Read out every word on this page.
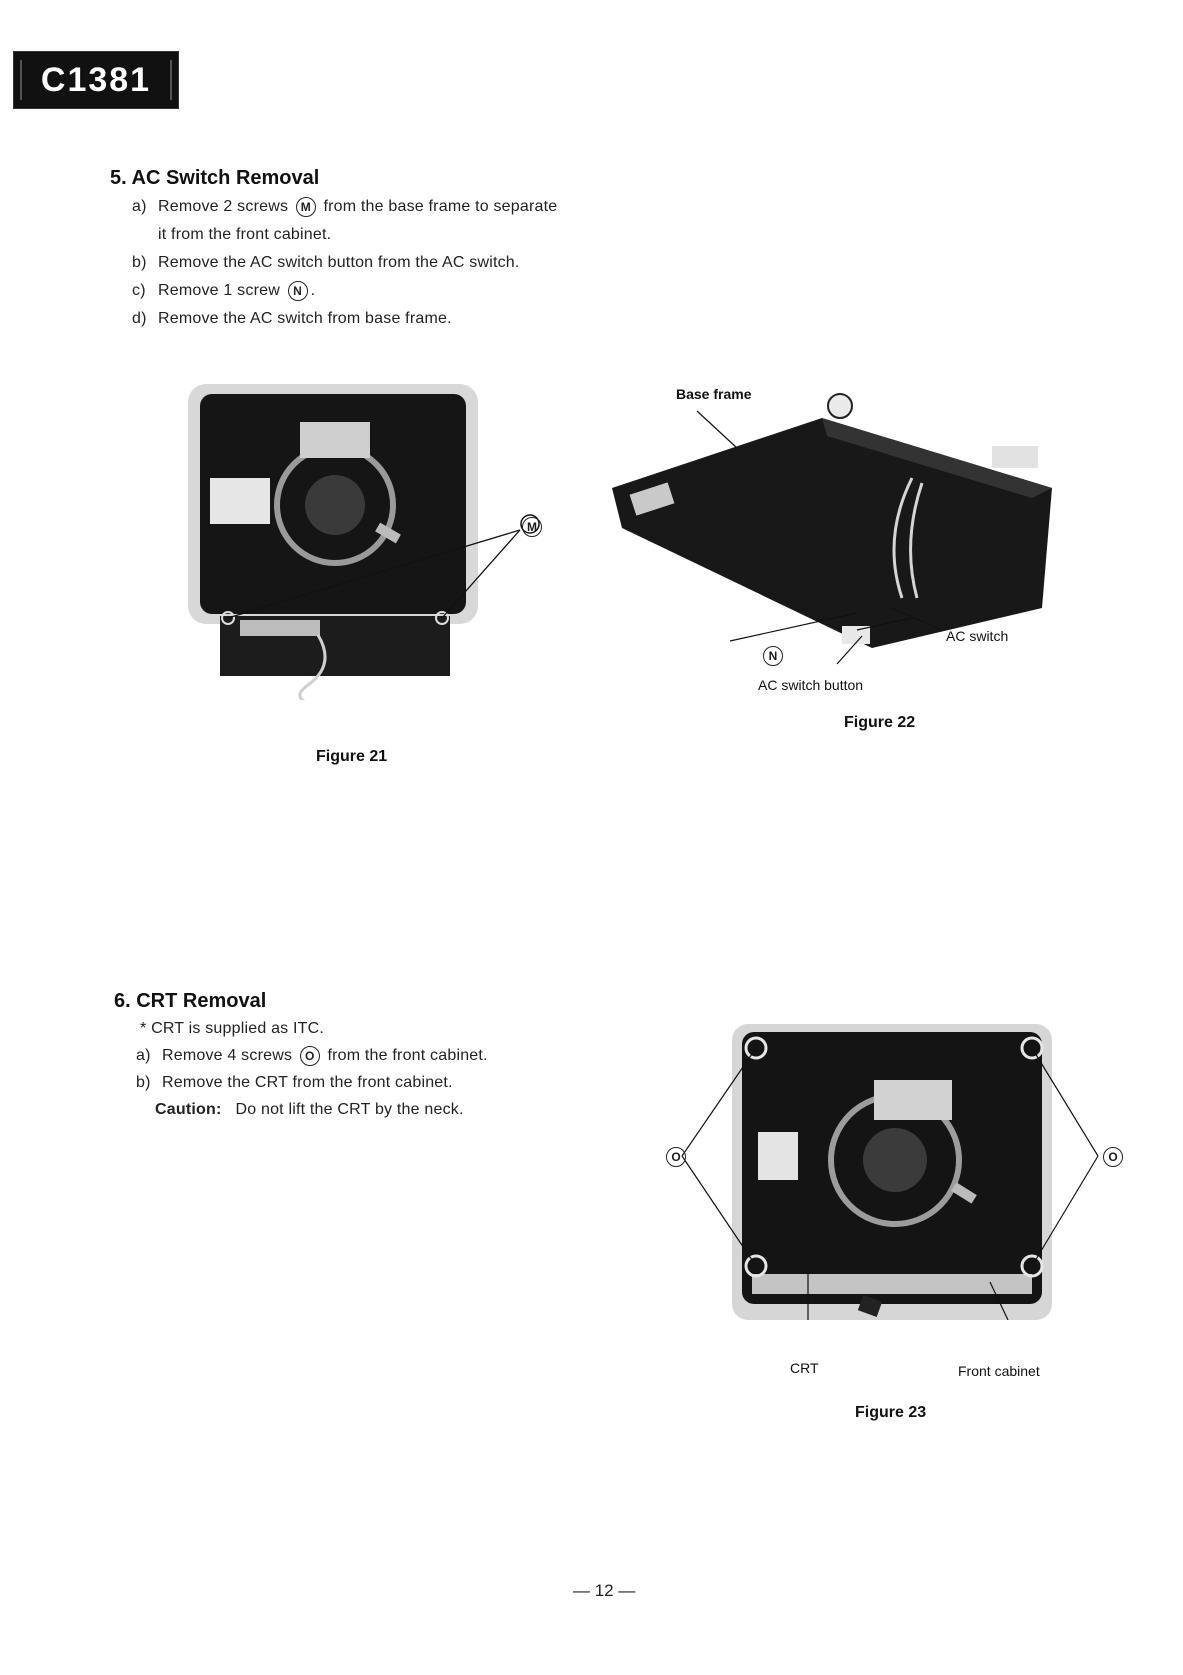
C1381
5. AC Switch Removal
a) Remove 2 screws M from the base frame to separate
it from the front cabinet.
b) Remove the AC switch button from the AC switch.
c) Remove 1 screw N .
d) Remove the AC switch from base frame.
M
Figure 21
Base frame
AC switch
N
AC switch button
Figure 22
6. CRT Removal
* CRT is supplied as ITC.
a) Remove 4 screws O from the front cabinet.
b) Remove the CRT from the front cabinet.
Caution: Do not lift the CRT by the neck.
O	O
CRT	Front cabinet
Figure 23
— 12 —
